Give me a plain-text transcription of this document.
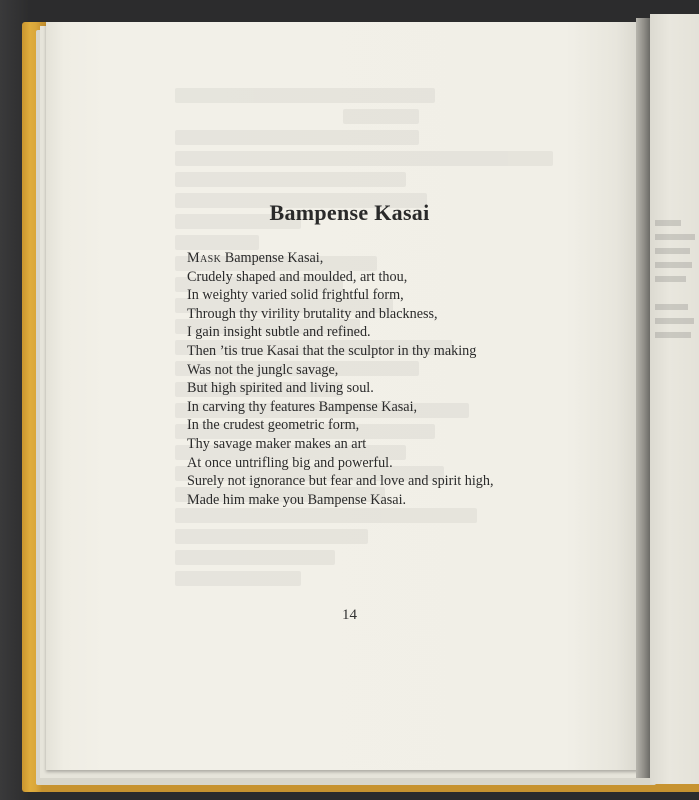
Bampense Kasai
Mask Bampense Kasai,
Crudely shaped and moulded, art thou,
In weighty varied solid frightful form,
Through thy virility brutality and blackness,
I gain insight subtle and refined.
Then ’tis true Kasai that the sculptor in thy making
Was not the junglc savage,
But high spirited and living soul.
In carving thy features Bampense Kasai,
In the crudest geometric form,
Thy savage maker makes an art
At once untrifling big and powerful.
Surely not ignorance but fear and love and spirit high,
Made him make you Bampense Kasai.
14
